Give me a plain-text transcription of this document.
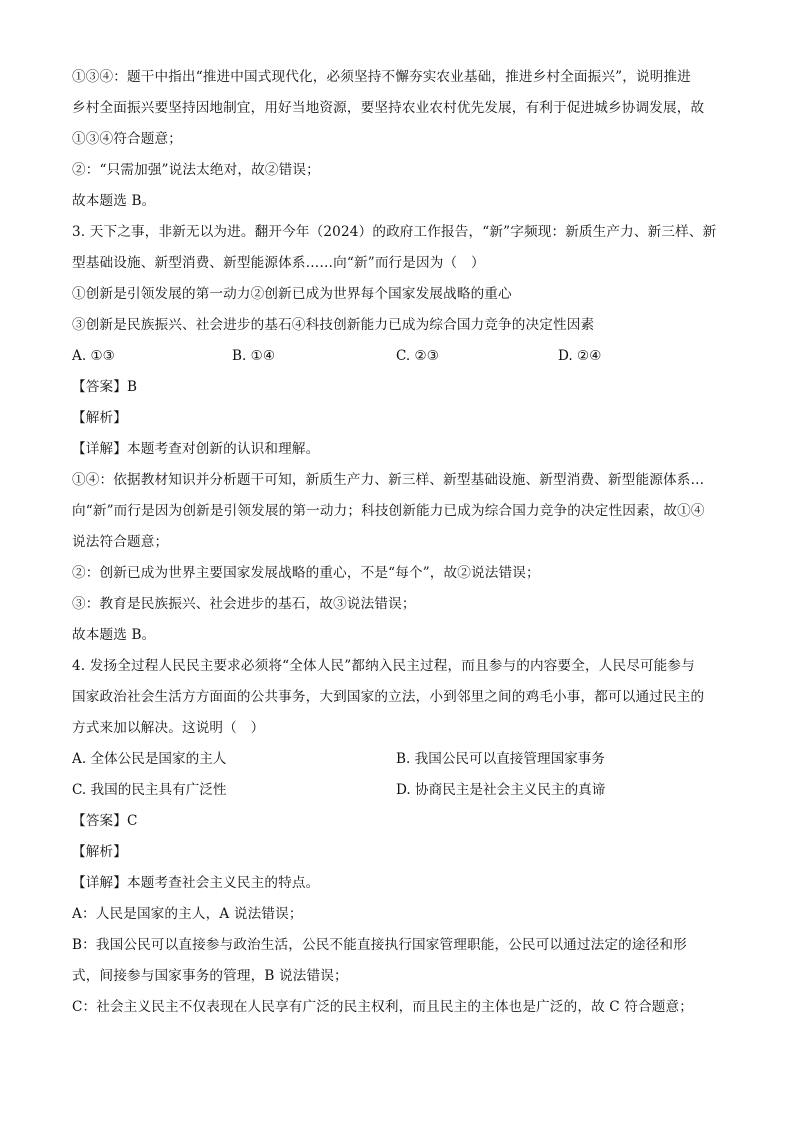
①③④：题干中指出“推进中国式现代化，必须坚持不懈夯实农业基础，推进乡村全面振兴”，说明推进
乡村全面振兴要坚持因地制宜，用好当地资源，要坚持农业农村优先发展，有利于促进城乡协调发展，故
①③④符合题意；
②：“只需加强”说法太绝对，故②错误；
故本题选 B。
3. 天下之事，非新无以为进。翻开今年（2024）的政府工作报告，“新”字频现：新质生产力、新三样、新
型基础设施、新型消费、新型能源体系……向“新”而行是因为（　）
①创新是引领发展的第一动力②创新已成为世界每个国家发展战略的重心
③创新是民族振兴、社会进步的基石④科技创新能力已成为综合国力竞争的决定性因素
A. ①③	B. ①④	C. ②③	D. ②④
【答案】B
【解析】
【详解】本题考查对创新的认识和理解。
①④：依据教材知识并分析题干可知，新质生产力、新三样、新型基础设施、新型消费、新型能源体系…
向“新”而行是因为创新是引领发展的第一动力；科技创新能力已成为综合国力竞争的决定性因素，故①④
说法符合题意；
②：创新已成为世界主要国家发展战略的重心，不是“每个”，故②说法错误；
③：教育是民族振兴、社会进步的基石，故③说法错误；
故本题选 B。
4. 发扬全过程人民民主要求必须将“全体人民”都纳入民主过程，而且参与的内容要全，人民尽可能参与
国家政治社会生活方方面面的公共事务，大到国家的立法，小到邻里之间的鸡毛小事，都可以通过民主的
方式来加以解决。这说明（　）
A. 全体公民是国家的主人	B. 我国公民可以直接管理国家事务
C. 我国的民主具有广泛性	D. 协商民主是社会主义民主的真谛
【答案】C
【解析】
【详解】本题考查社会主义民主的特点。
A：人民是国家的主人，A 说法错误；
B：我国公民可以直接参与政治生活，公民不能直接执行国家管理职能，公民可以通过法定的途径和形
式，间接参与国家事务的管理，B 说法错误；
C：社会主义民主不仅表现在人民享有广泛的民主权利，而且民主的主体也是广泛的，故 C 符合题意；
